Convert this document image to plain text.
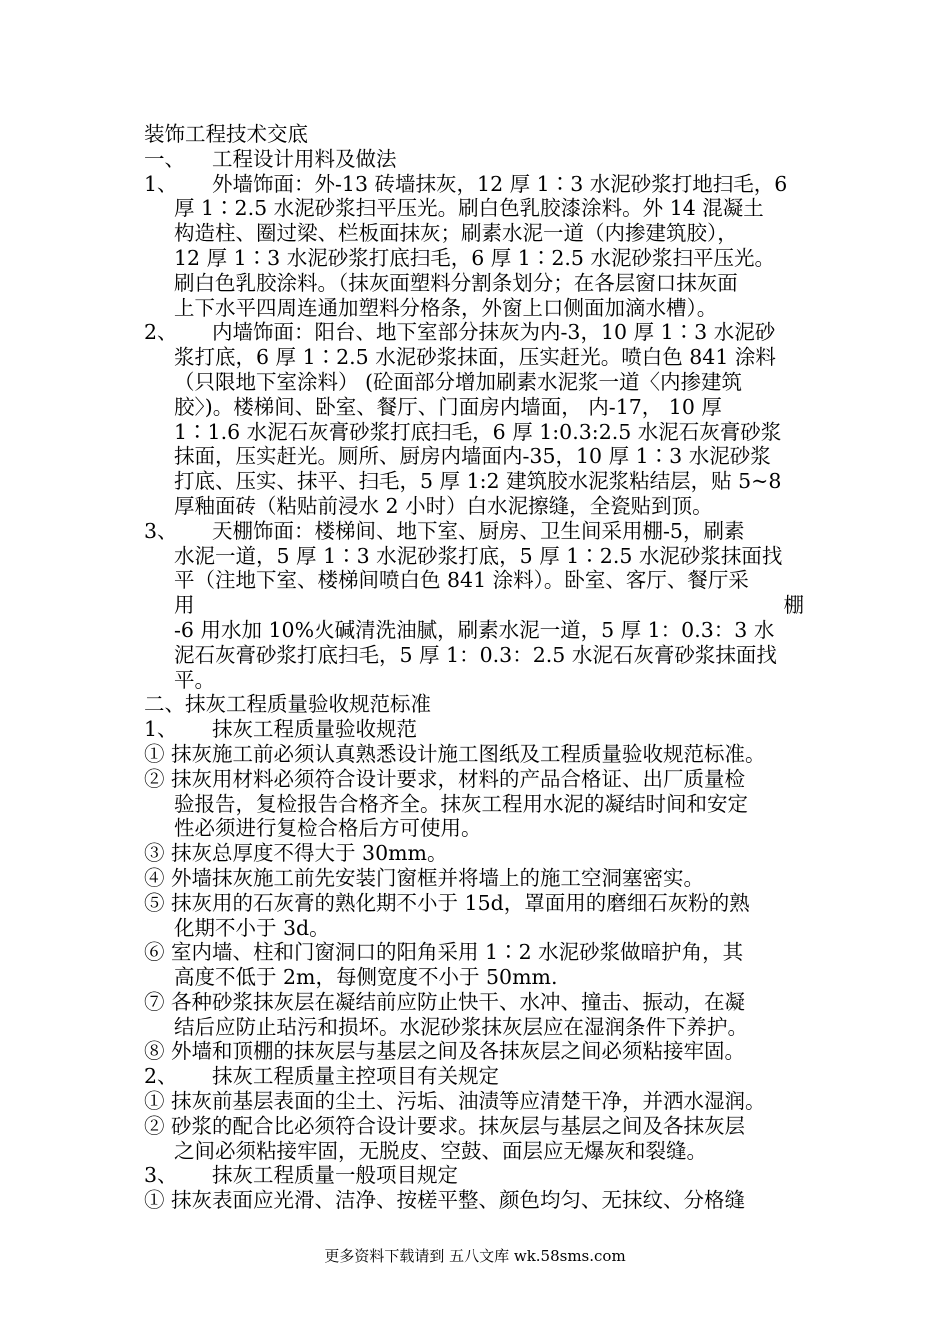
装饰工程技术交底
一、 工程设计用料及做法
1、 外墙饰面：外-13 砖墙抹灰，12 厚 1∶3 水泥砂浆打地扫毛，6
厚 1∶2.5 水泥砂浆扫平压光。刷白色乳胶漆涂料。外 14 混凝土
构造柱、圈过梁、栏板面抹灰；刷素水泥一道（内掺建筑胶），
12 厚 1∶3 水泥砂浆打底扫毛，6 厚 1∶2.5 水泥砂浆扫平压光。
刷白色乳胶涂料。（抹灰面塑料分割条划分；在各层窗口抹灰面
上下水平四周连通加塑料分格条，外窗上口侧面加滴水槽）。
2、 内墙饰面：阳台、地下室部分抹灰为内-3，10 厚 1∶3 水泥砂
浆打底，6 厚 1∶2.5 水泥砂浆抹面，压实赶光。喷白色 841 涂料
（只限地下室涂料） (砼面部分增加刷素水泥浆一道〈内掺建筑
胶〉)。楼梯间、卧室、餐厅、门面房内墙面， 内-17， 10 厚
1∶1.6 水泥石灰膏砂浆打底扫毛，6 厚 1:0.3:2.5 水泥石灰膏砂浆
抹面，压实赶光。厕所、厨房内墙面内-35，10 厚 1∶3 水泥砂浆
打底、压实、抹平、扫毛，5 厚 1:2 建筑胶水泥浆粘结层，贴 5~8
厚釉面砖（粘贴前浸水 2 小时）白水泥擦缝，全瓷贴到顶。
3、 天棚饰面：楼梯间、地下室、厨房、卫生间采用棚-5，刷素
水泥一道，5 厚 1∶3 水泥砂浆打底，5 厚 1∶2.5 水泥砂浆抹面找
平（注地下室、楼梯间喷白色 841 涂料）。卧室、客厅、餐厅采
用	棚
-6 用水加 10%火碱清洗油腻，刷素水泥一道，5 厚 1：0.3：3 水
泥石灰膏砂浆打底扫毛，5 厚 1：0.3：2.5 水泥石灰膏砂浆抹面找
平。
二、抹灰工程质量验收规范标准
1、 抹灰工程质量验收规范
① 抹灰施工前必须认真熟悉设计施工图纸及工程质量验收规范标准。
② 抹灰用材料必须符合设计要求，材料的产品合格证、出厂质量检
验报告，复检报告合格齐全。抹灰工程用水泥的凝结时间和安定
性必须进行复检合格后方可使用。
③ 抹灰总厚度不得大于 30mm。
④ 外墙抹灰施工前先安装门窗框并将墙上的施工空洞塞密实。
⑤ 抹灰用的石灰膏的熟化期不小于 15d，罩面用的磨细石灰粉的熟
化期不小于 3d。
⑥ 室内墙、柱和门窗洞口的阳角采用 1∶2 水泥砂浆做暗护角，其
高度不低于 2m，每侧宽度不小于 50mm.
⑦ 各种砂浆抹灰层在凝结前应防止快干、水冲、撞击、振动，在凝
结后应防止玷污和损坏。水泥砂浆抹灰层应在湿润条件下养护。
⑧ 外墙和顶棚的抹灰层与基层之间及各抹灰层之间必须粘接牢固。
2、 抹灰工程质量主控项目有关规定
① 抹灰前基层表面的尘土、污垢、油渍等应清楚干净，并洒水湿润。
② 砂浆的配合比必须符合设计要求。抹灰层与基层之间及各抹灰层
之间必须粘接牢固，无脱皮、空鼓、面层应无爆灰和裂缝。
3、 抹灰工程质量一般项目规定
① 抹灰表面应光滑、洁净、按槎平整、颜色均匀、无抹纹、分格缝
更多资料下载请到 五八文库 wk.58sms.com
